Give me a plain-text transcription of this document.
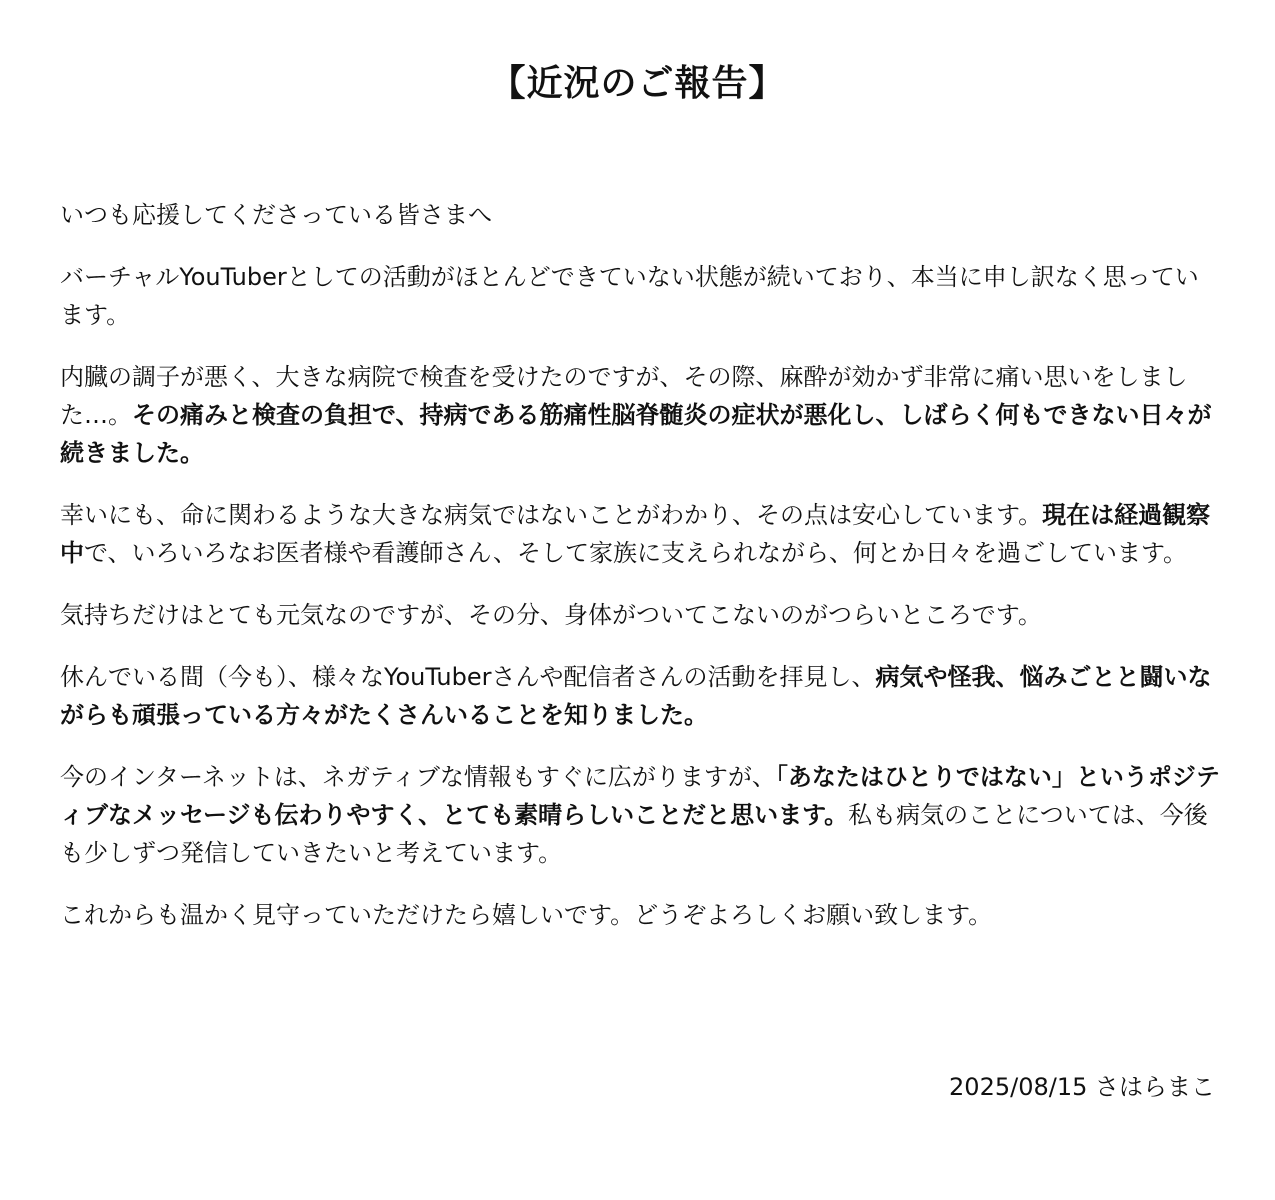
【近況のご報告】

いつも応援してくださっている皆さまへ

バーチャルYouTuberとしての活動がほとんどできていない状態が続いており、本当に申し訳なく思っています。

内臓の調子が悪く、大きな病院で検査を受けたのですが、その際、麻酔が効かず非常に痛い思いをしました…。その痛みと検査の負担で、持病である筋痛性脳脊髄炎の症状が悪化し、しばらく何もできない日々が続きました。

幸いにも、命に関わるような大きな病気ではないことがわかり、その点は安心しています。現在は経過観察中で、いろいろなお医者様や看護師さん、そして家族に支えられながら、何とか日々を過ごしています。

気持ちだけはとても元気なのですが、その分、身体がついてこないのがつらいところです。

休んでいる間（今も）、様々なYouTuberさんや配信者さんの活動を拝見し、病気や怪我、悩みごとと闘いながらも頑張っている方々がたくさんいることを知りました。

今のインターネットは、ネガティブな情報もすぐに広がりますが、「あなたはひとりではない」というポジティブなメッセージも伝わりやすく、とても素晴らしいことだと思います。私も病気のことについては、今後も少しずつ発信していきたいと考えています。

これからも温かく見守っていただけたら嬉しいです。どうぞよろしくお願い致します。

2025/08/15 さはらまこ
